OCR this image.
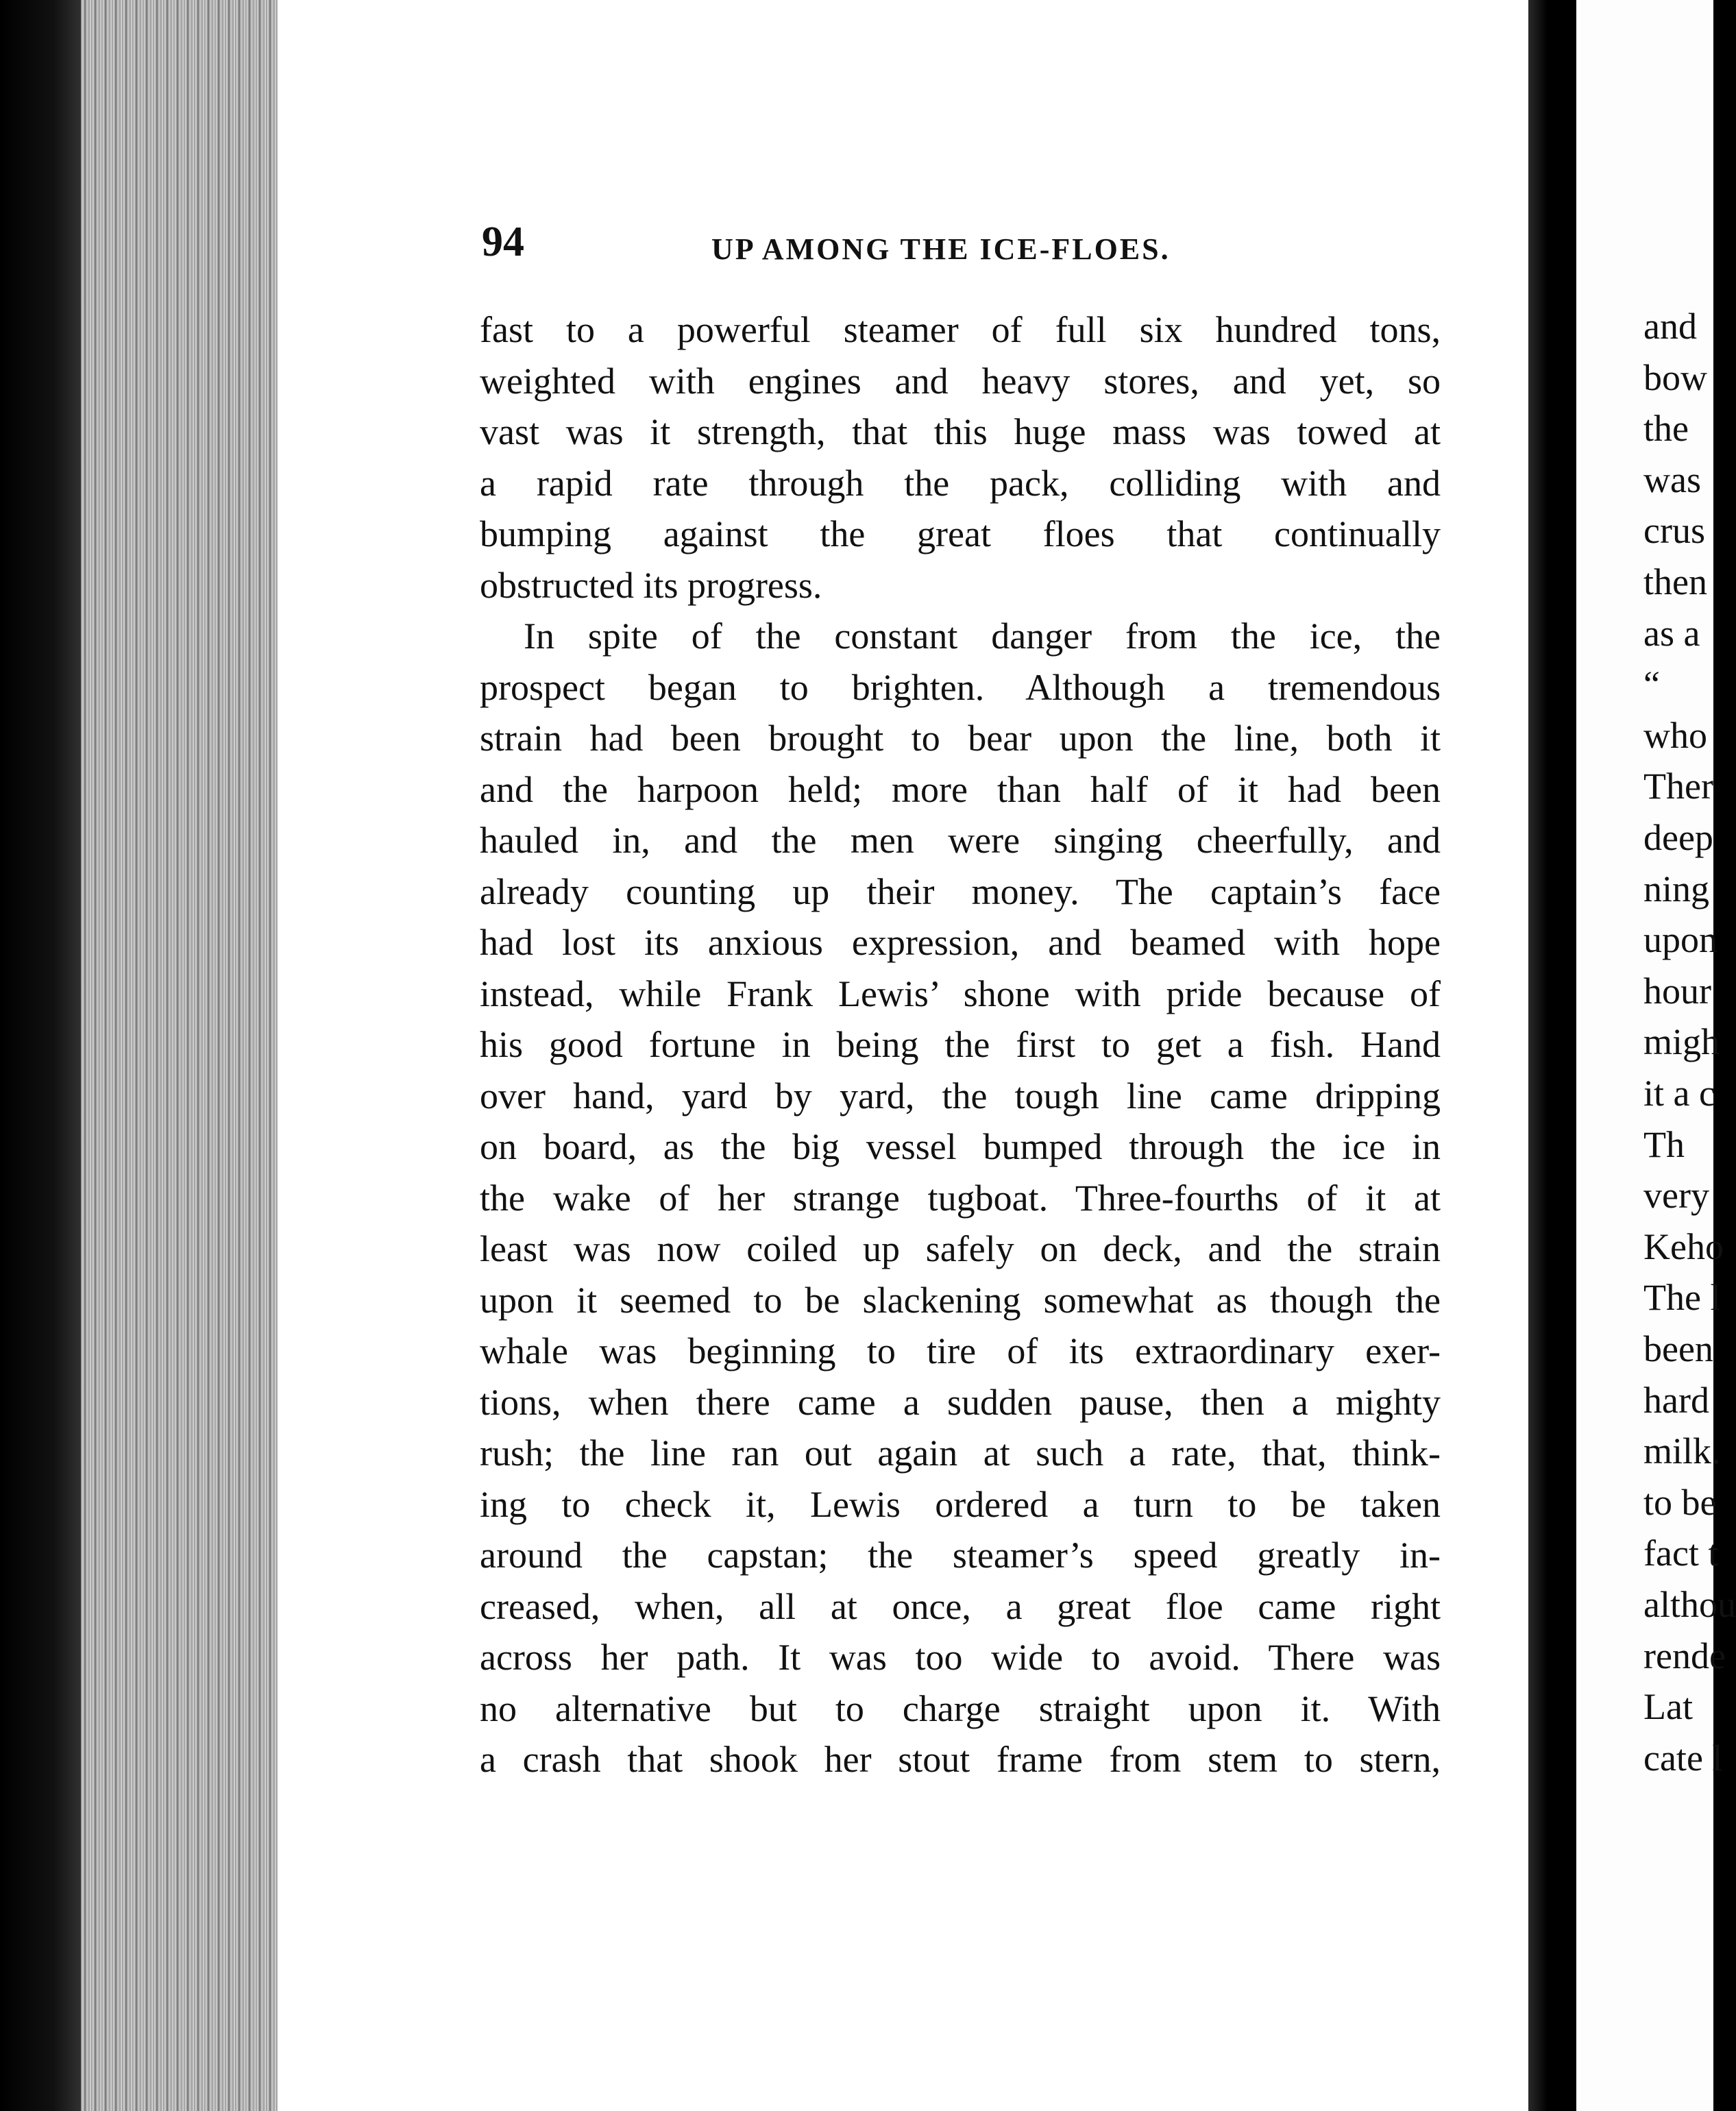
94	UP AMONG THE ICE-FLOES.
fast to a powerful steamer of full six hundred tons,
weighted with engines and heavy stores, and yet, so
vast was it strength, that this huge mass was towed at
a rapid rate through the pack, colliding with and
bumping against the great floes that continually
obstructed its progress.
In spite of the constant danger from the ice, the
prospect began to brighten. Although a tremendous
strain had been brought to bear upon the line, both it
and the harpoon held; more than half of it had been
hauled in, and the men were singing cheerfully, and
already counting up their money. The captain’s face
had lost its anxious expression, and beamed with hope
instead, while Frank Lewis’ shone with pride because of
his good fortune in being the first to get a fish. Hand
over hand, yard by yard, the tough line came dripping
on board, as the big vessel bumped through the ice in
the wake of her strange tugboat. Three-fourths of it at
least was now coiled up safely on deck, and the strain
upon it seemed to be slackening somewhat as though the
whale was beginning to tire of its extraordinary exer-
tions, when there came a sudden pause, then a mighty
rush; the line ran out again at such a rate, that, think-
ing to check it, Lewis ordered a turn to be taken
around the capstan; the steamer’s speed greatly in-
creased, when, all at once, a great floe came right
across her path. It was too wide to avoid. There was
no alternative but to charge straight upon it. With
a crash that shook her stout frame from stem to stern,
and
bow
the
was
crus
then
as a
“
who
Ther
deep
ning
upon
hour
migh
it a c
Th
very
Keho
The l
been
hard
milk.
to be
fact t
althou
rende
Lat
cate l
